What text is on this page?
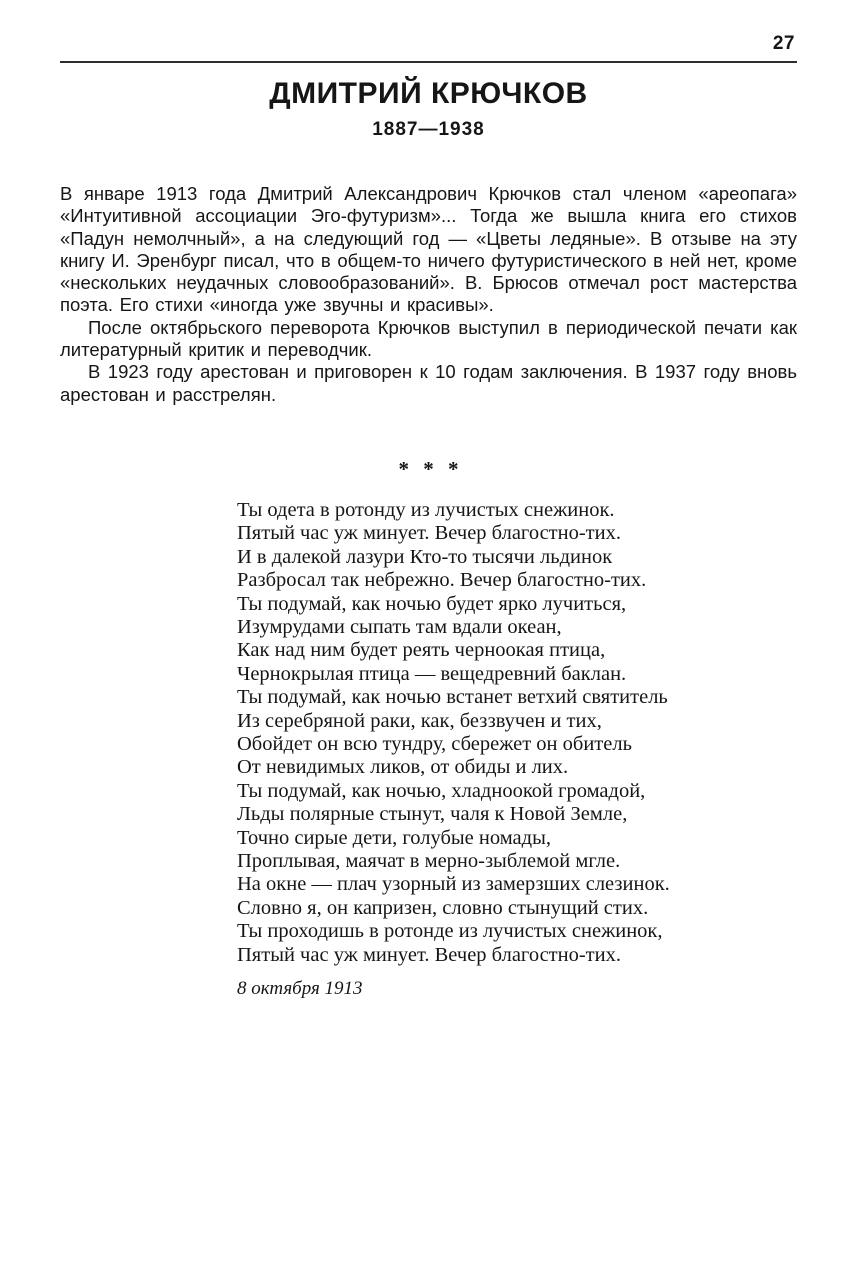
27
ДМИТРИЙ КРЮЧКОВ
1887—1938

В январе 1913 года Дмитрий Александрович Крючков стал членом «ареопага» «Интуитивной ассоциации Эго-футуризм»... Тогда же вышла книга его стихов «Падун немолчный», а на следующий год — «Цветы ледяные». В отзыве на эту книгу И. Эренбург писал, что в общем-то ничего футуристического в ней нет, кроме «нескольких неудачных словообразований». В. Брюсов отмечал рост мастерства поэта. Его стихи «иногда уже звучны и красивы».

После октябрьского переворота Крючков выступил в периодической печати как литературный критик и переводчик.

В 1923 году арестован и приговорен к 10 годам заключения. В 1937 году вновь арестован и расстрелян.

* * *
Ты одета в ротонду из лучистых снежинок.
Пятый час уж минует. Вечер благостно-тих.
И в далекой лазури Кто-то тысячи льдинок
Разбросал так небрежно. Вечер благостно-тих.
Ты подумай, как ночью будет ярко лучиться,
Изумрудами сыпать там вдали океан,
Как над ним будет реять черноокая птица,
Чернокрылая птица — вещедревний баклан.
Ты подумай, как ночью встанет ветхий святитель
Из серебряной раки, как, беззвучен и тих,
Обойдет он всю тундру, сбережет он обитель
От невидимых ликов, от обиды и лих.
Ты подумай, как ночью, хладноокой громадой,
Льды полярные стынут, чаля к Новой Земле,
Точно сирые дети, голубые номады,
Проплывая, маячат в мерно-зыблемой мгле.
На окне — плач узорный из замерзших слезинок.
Словно я, он капризен, словно стынущий стих.
Ты проходишь в ротонде из лучистых снежинок,
Пятый час уж минует. Вечер благостно-тих.
8 октября 1913
